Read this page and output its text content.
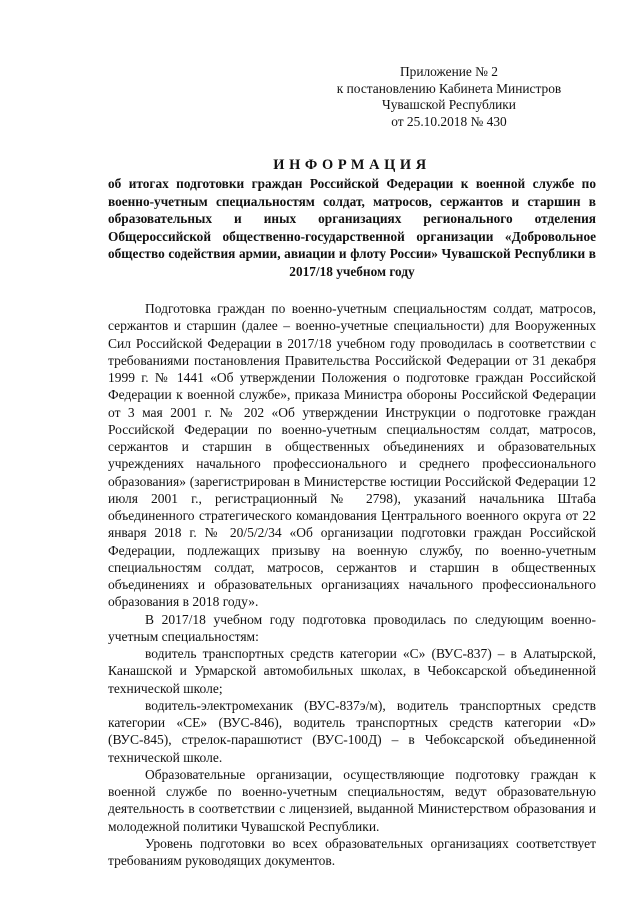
Приложение № 2
к постановлению Кабинета Министров
Чувашской Республики
от 25.10.2018 № 430
ИНФОРМАЦИЯ
об итогах подготовки граждан Российской Федерации к военной службе по военно-учетным специальностям солдат, матросов, сержантов и старшин в образовательных и иных организациях регионального отделения Общероссийской общественно-государственной организации «Добровольное общество содействия армии, авиации и флоту России» Чувашской Республики в 2017/18 учебном году

Подготовка граждан по военно-учетным специальностям солдат, матросов, сержантов и старшин (далее – военно-учетные специальности) для Вооруженных Сил Российской Федерации в 2017/18 учебном году проводилась в соответствии с требованиями постановления Правительства Российской Федерации от 31 декабря 1999 г. № 1441 «Об утверждении Положения о подготовке граждан Российской Федерации к военной службе», приказа Министра обороны Российской Федерации от 3 мая 2001 г. № 202 «Об утверждении Инструкции о подготовке граждан Российской Федерации по военно-учетным специальностям солдат, матросов, сержантов и старшин в общественных объединениях и образовательных учреждениях начального профессионального и среднего профессионального образования» (зарегистрирован в Министерстве юстиции Российской Федерации 12 июля 2001 г., регистрационный № 2798), указаний начальника Штаба объединенного стратегического командования Центрального военного округа от 22 января 2018 г. № 20/5/2/34 «Об организации подготовки граждан Российской Федерации, подлежащих призыву на военную службу, по военно-учетным специальностям солдат, матросов, сержантов и старшин в общественных объединениях и образовательных организациях начального профессионального образования в 2018 году».

В 2017/18 учебном году подготовка проводилась по следующим военно-учетным специальностям:

водитель транспортных средств категории «С» (ВУС-837) – в Алатырской, Канашской и Урмарской автомобильных школах, в Чебоксарской объединенной технической школе;

водитель-электромеханик (ВУС-837э/м), водитель транспортных средств категории «СЕ» (ВУС-846), водитель транспортных средств категории «D» (ВУС-845), стрелок-парашютист (ВУС-100Д) – в Чебоксарской объединенной технической школе.

Образовательные организации, осуществляющие подготовку граждан к военной службе по военно-учетным специальностям, ведут образовательную деятельность в соответствии с лицензией, выданной Министерством образования и молодежной политики Чувашской Республики.

Уровень подготовки во всех образовательных организациях соответствует требованиям руководящих документов.
